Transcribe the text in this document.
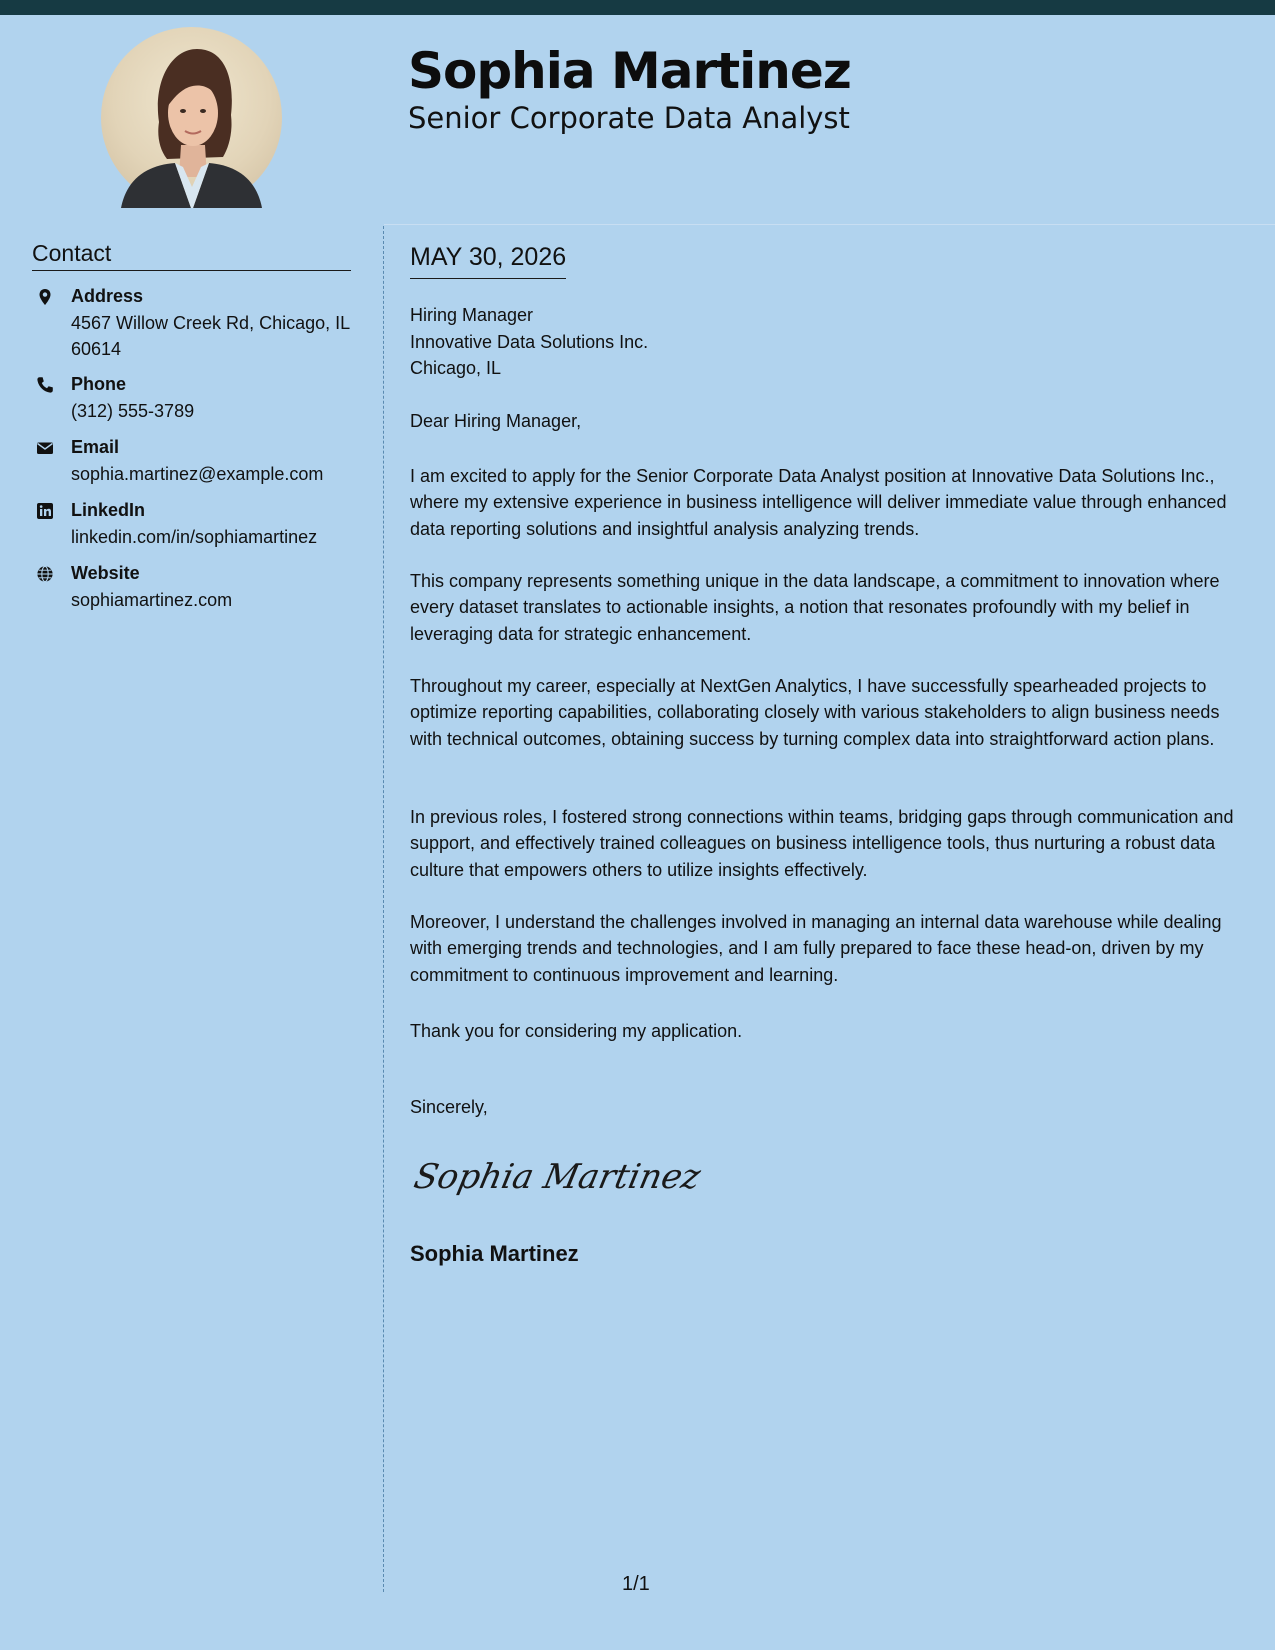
Sophia Martinez
Senior Corporate Data Analyst
Contact
Address
4567 Willow Creek Rd, Chicago, IL 60614
Phone
(312) 555-3789
Email
sophia.martinez@example.com
LinkedIn
linkedin.com/in/sophiamartinez
Website
sophiamartinez.com
MAY 30, 2026
Hiring Manager
Innovative Data Solutions Inc.
Chicago, IL
Dear Hiring Manager,
I am excited to apply for the Senior Corporate Data Analyst position at Innovative Data Solutions Inc., where my extensive experience in business intelligence will deliver immediate value through enhanced data reporting solutions and insightful analysis analyzing trends.
This company represents something unique in the data landscape, a commitment to innovation where every dataset translates to actionable insights, a notion that resonates profoundly with my belief in leveraging data for strategic enhancement.
Throughout my career, especially at NextGen Analytics, I have successfully spearheaded projects to optimize reporting capabilities, collaborating closely with various stakeholders to align business needs with technical outcomes, obtaining success by turning complex data into straightforward action plans.
In previous roles, I fostered strong connections within teams, bridging gaps through communication and support, and effectively trained colleagues on business intelligence tools, thus nurturing a robust data culture that empowers others to utilize insights effectively.
Moreover, I understand the challenges involved in managing an internal data warehouse while dealing with emerging trends and technologies, and I am fully prepared to face these head-on, driven by my commitment to continuous improvement and learning.
Thank you for considering my application.
Sincerely,
Sophia Martinez
Sophia Martinez
1/1
